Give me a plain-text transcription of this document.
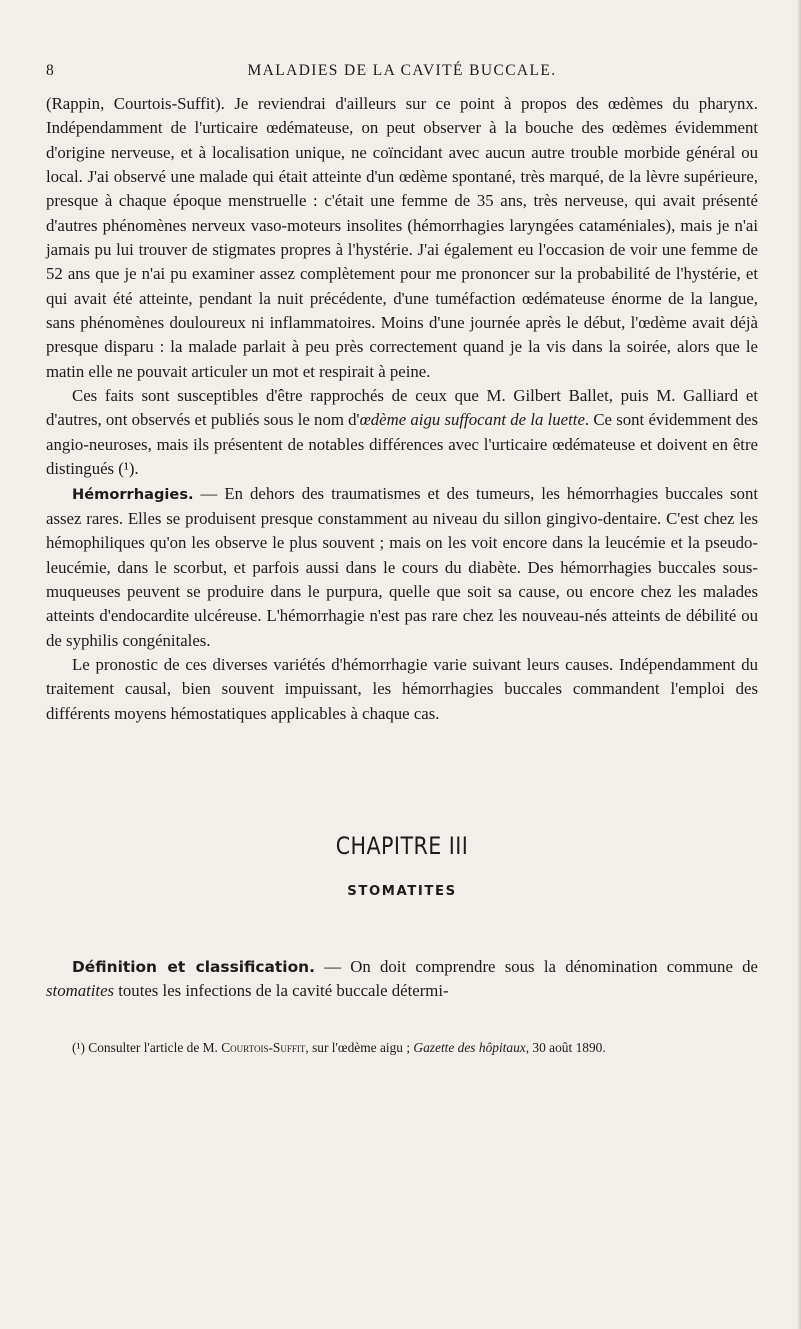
8	MALADIES DE LA CAVITÉ BUCCALE.

(Rappin, Courtois-Suffit). Je reviendrai d'ailleurs sur ce point à propos des œdèmes du pharynx. Indépendamment de l'urticaire œdémateuse, on peut observer à la bouche des œdèmes évidemment d'origine nerveuse, et à localisation unique, ne coïncidant avec aucun autre trouble morbide général ou local. J'ai observé une malade qui était atteinte d'un œdème spontané, très marqué, de la lèvre supérieure, presque à chaque époque menstruelle : c'était une femme de 35 ans, très nerveuse, qui avait présenté d'autres phénomènes nerveux vaso-moteurs insolites (hémorrhagies laryngées cataméniales), mais je n'ai jamais pu lui trouver de stigmates propres à l'hystérie. J'ai également eu l'occasion de voir une femme de 52 ans que je n'ai pu examiner assez complètement pour me prononcer sur la probabilité de l'hystérie, et qui avait été atteinte, pendant la nuit précédente, d'une tuméfaction œdémateuse énorme de la langue, sans phénomènes douloureux ni inflammatoires. Moins d'une journée après le début, l'œdème avait déjà presque disparu : la malade parlait à peu près correctement quand je la vis dans la soirée, alors que le matin elle ne pouvait articuler un mot et respirait à peine.

Ces faits sont susceptibles d'être rapprochés de ceux que M. Gilbert Ballet, puis M. Galliard et d'autres, ont observés et publiés sous le nom d'œdème aigu suffocant de la luette. Ce sont évidemment des angio-neuroses, mais ils présentent de notables différences avec l'urticaire œdémateuse et doivent en être distingués (¹).

Hémorrhagies. — En dehors des traumatismes et des tumeurs, les hémorrhagies buccales sont assez rares. Elles se produisent presque constamment au niveau du sillon gingivo-dentaire. C'est chez les hémophiliques qu'on les observe le plus souvent ; mais on les voit encore dans la leucémie et la pseudo-leucémie, dans le scorbut, et parfois aussi dans le cours du diabète. Des hémorrhagies buccales sous-muqueuses peuvent se produire dans le purpura, quelle que soit sa cause, ou encore chez les malades atteints d'endocardite ulcéreuse. L'hémorrhagie n'est pas rare chez les nouveau-nés atteints de débilité ou de syphilis congénitales.

Le pronostic de ces diverses variétés d'hémorrhagie varie suivant leurs causes. Indépendamment du traitement causal, bien souvent impuissant, les hémorrhagies buccales commandent l'emploi des différents moyens hémostatiques applicables à chaque cas.

CHAPITRE III
STOMATITES

Définition et classification. — On doit comprendre sous la dénomination commune de stomatites toutes les infections de la cavité buccale détermi-

(¹) Consulter l'article de M. Courtois-Suffit, sur l'œdème aigu ; Gazette des hôpitaux, 30 août 1890.
